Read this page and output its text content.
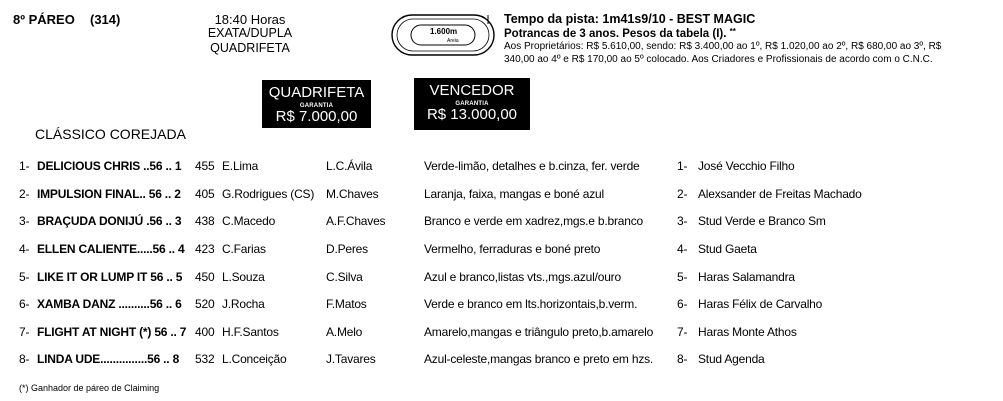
8º PÁREO (314)	18:40 Horas
EXATA/DUPLA
QUADRIFETA
1.600m
Areia
Tempo da pista: 1m41s9/10 - BEST MAGIC
Potrancas de 3 anos. Pesos da tabela (I). **
Aos Proprietários: R$ 5.610,00, sendo: R$ 3.400,00 ao 1º, R$ 1.020,00 ao 2º, R$ 680,00 ao 3º, R$
340,00 ao 4º e R$ 170,00 ao 5º colocado. Aos Criadores e Profissionais de acordo com o C.N.C.
QUADRIFETA
GARANTIA
R$ 7.000,00
VENCEDOR
GARANTIA
R$ 13.000,00
CLÁSSICO COREJADA
1- DELICIOUS CHRIS ..56 .. 1 455 E.Lima	L.C.Ávila	Verde-limão, detalhes e b.cinza, fer. verde	1- José Vecchio Filho
2- IMPULSION FINAL.. 56 .. 2 405 G.Rodrigues (CS) M.Chaves	Laranja, faixa, mangas e boné azul	2- Alexsander de Freitas Machado
3- BRAÇUDA DONIJÚ .56 .. 3 438 C.Macedo	A.F.Chaves	Branco e verde em xadrez,mgs.e b.branco	3- Stud Verde e Branco Sm
4- ELLEN CALIENTE.....56 .. 4 423 C.Farias	D.Peres	Vermelho, ferraduras e boné preto	4- Stud Gaeta
5- LIKE IT OR LUMP IT 56 .. 5 450 L.Souza	C.Silva	Azul e branco,listas vts.,mgs.azul/ouro	5- Haras Salamandra
6- XAMBA DANZ ..........56 .. 6 520 J.Rocha	F.Matos	Verde e branco em lts.horizontais,b.verm.	6- Haras Félix de Carvalho
7- FLIGHT AT NIGHT (*) 56 .. 7 400 H.F.Santos	A.Melo	Amarelo,mangas e triângulo preto,b.amarelo 7- Haras Monte Athos
8- LINDA UDE...............56 .. 8 532 L.Conceição	J.Tavares	Azul-celeste,mangas branco e preto em hzs. 8- Stud Agenda
(*) Ganhador de páreo de Claiming
